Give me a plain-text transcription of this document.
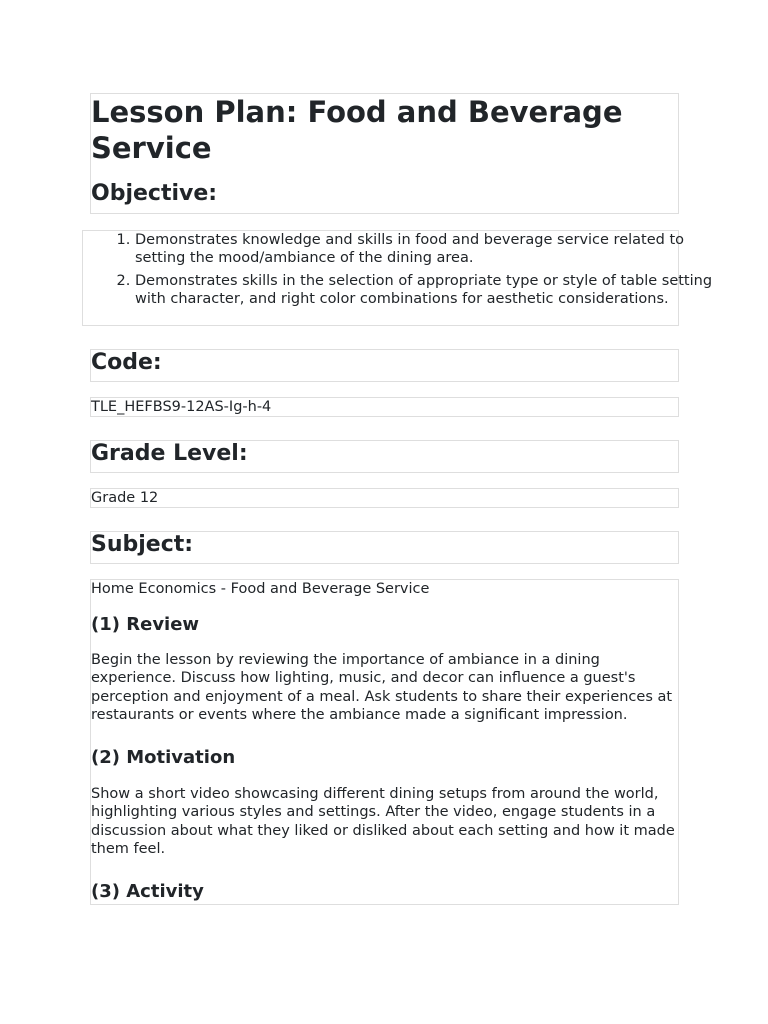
Lesson Plan: Food and Beverage Service
Objective:
1. Demonstrates knowledge and skills in food and beverage service related to setting the mood/ambiance of the dining area.
2. Demonstrates skills in the selection of appropriate type or style of table setting with character, and right color combinations for aesthetic considerations.
Code:

TLE_HEFBS9-12AS-Ig-h-4

Grade Level:

Grade 12

Subject:

Home Economics - Food and Beverage Service

(1) Review

Begin the lesson by reviewing the importance of ambiance in a dining experience. Discuss how lighting, music, and decor can influence a guest's perception and enjoyment of a meal. Ask students to share their experiences at restaurants or events where the ambiance made a significant impression.

(2) Motivation

Show a short video showcasing different dining setups from around the world, highlighting various styles and settings. After the video, engage students in a discussion about what they liked or disliked about each setting and how it made them feel.

(3) Activity
